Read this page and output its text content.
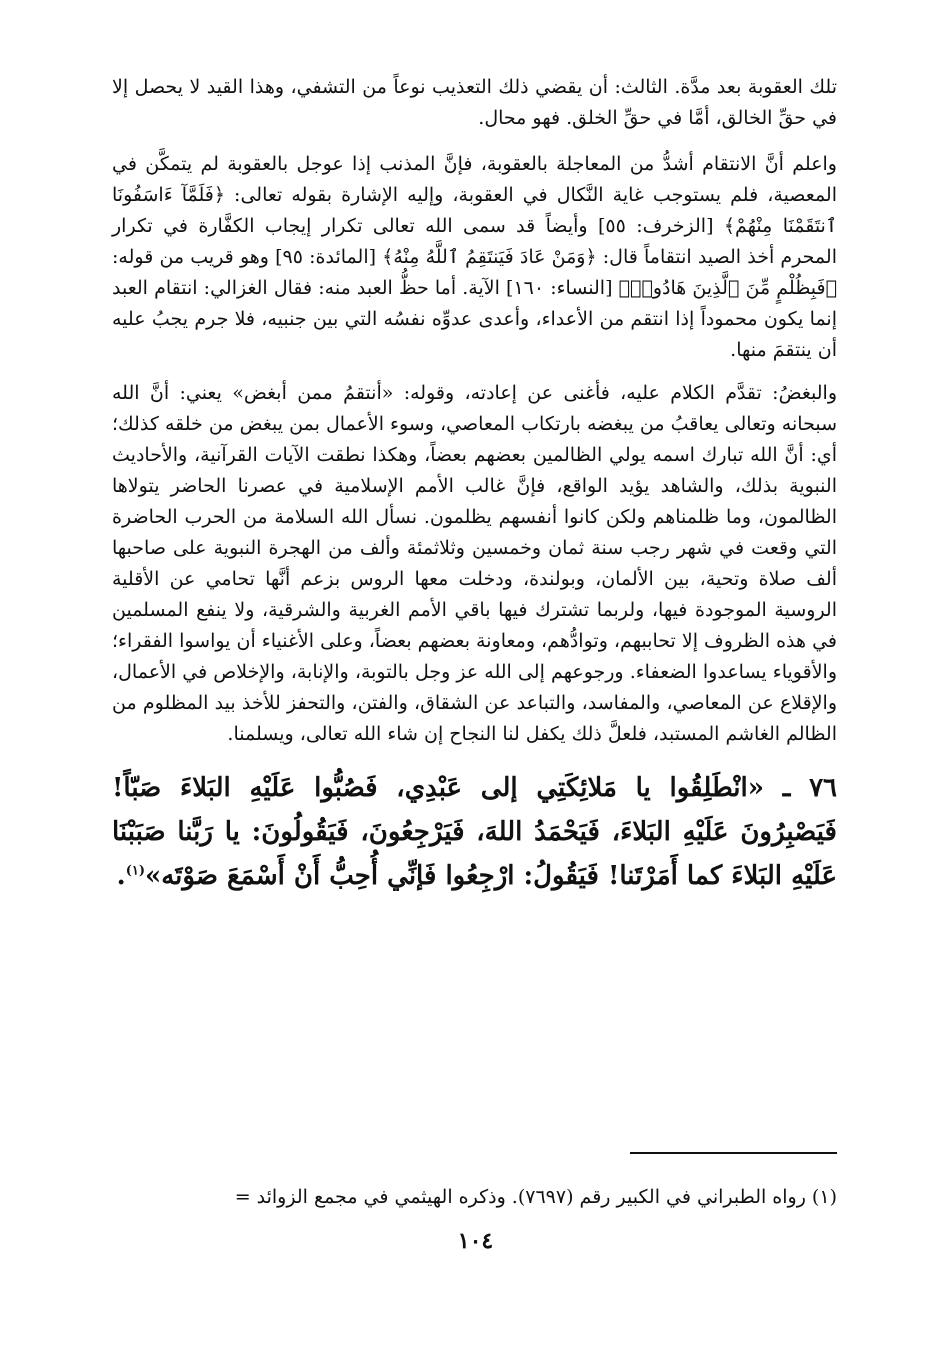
تلك العقوبة بعد مدَّة. الثالث: أن يقضي ذلك التعذيب نوعاً من التشفي، وهذا القيد لا يحصل إلا في حقِّ الخالق، أمَّا في حقِّ الخلق. فهو محال.

واعلم أنَّ الانتقام أشدُّ من المعاجلة بالعقوبة، فإنَّ المذنب إذا عوجل بالعقوبة لم يتمكَّن في المعصية، فلم يستوجب غاية النَّكال في العقوبة، وإليه الإشارة بقوله تعالى: ﴿فَلَمَّآ ءَاسَفُونَا ٱنتَقَمْنَا مِنْهُمْ﴾ [الزخرف: ٥٥] وأيضاً قد سمى الله تعالى تكرار إيجاب الكفَّارة في تكرار المحرم أخذ الصيد انتقاماً قال: ﴿وَمَنْ عَادَ فَيَنتَقِمُ ٱللَّهُ مِنْهُ﴾ [المائدة: ٩٥] وهو قريب من قوله: ﴿فَبِظُلْمٍ مِّنَ ٱلَّذِينَ هَادُوا۟﴾ [النساء: ١٦٠] الآية. أما حظُّ العبد منه: فقال الغزالي: انتقام العبد إنما يكون محموداً إذا انتقم من الأعداء، وأعدى عدوِّه نفسُه التي بين جنبيه، فلا جرم يجبُ عليه أن ينتقمَ منها.

والبغضُ: تقدَّم الكلام عليه، فأغنى عن إعادته، وقوله: «أنتقمُ ممن أبغض» يعني: أنَّ الله سبحانه وتعالى يعاقبُ من يبغضه بارتكاب المعاصي، وسوء الأعمال بمن يبغض من خلقه كذلك؛ أي: أنَّ الله تبارك اسمه يولي الظالمين بعضهم بعضاً، وهكذا نطقت الآيات القرآنية، والأحاديث النبوية بذلك، والشاهد يؤيد الواقع، فإنَّ غالب الأمم الإسلامية في عصرنا الحاضر يتولاها الظالمون، وما ظلمناهم ولكن كانوا أنفسهم يظلمون. نسأل الله السلامة من الحرب الحاضرة التي وقعت في شهر رجب سنة ثمان وخمسين وثلاثمئة وألف من الهجرة النبوية على صاحبها ألف صلاة وتحية، بين الألمان، وبولندة، ودخلت معها الروس بزعم أنَّها تحامي عن الأقلية الروسية الموجودة فيها، ولربما تشترك فيها باقي الأمم الغربية والشرقية، ولا ينفع المسلمين في هذه الظروف إلا تحاببهم، وتوادُّهم، ومعاونة بعضهم بعضاً، وعلى الأغنياء أن يواسوا الفقراء؛ والأقوياء يساعدوا الضعفاء. ورجوعهم إلى الله عز وجل بالتوبة، والإنابة، والإخلاص في الأعمال، والإقلاع عن المعاصي، والمفاسد، والتباعد عن الشقاق، والفتن، والتحفز للأخذ بيد المظلوم من الظالم الغاشم المستبد، فلعلَّ ذلك يكفل لنا النجاح إن شاء الله تعالى، ويسلمنا.

٧٦ ـ «انْطَلِقُوا يا مَلائِكَتِي إلى عَبْدِي، فَصُبُّوا عَلَيْهِ البَلاءَ صَبّاً! فَيَصْبِرُونَ عَلَيْهِ البَلاءَ، فَيَحْمَدُ اللهَ، فَيَرْجِعُونَ، فَيَقُولُونَ: يا رَبَّنا صَبَبْنَا عَلَيْهِ البَلاءَ كما أَمَرْتَنا! فَيَقُولُ: ارْجِعُوا فَإنِّي أُحِبُّ أَنْ أَسْمَعَ صَوْتَه»$^{(١)}$.

(١) رواه الطبراني في الكبير رقم (٧٦٩٧). وذكره الهيثمي في مجمع الزوائد =
١٠٤
